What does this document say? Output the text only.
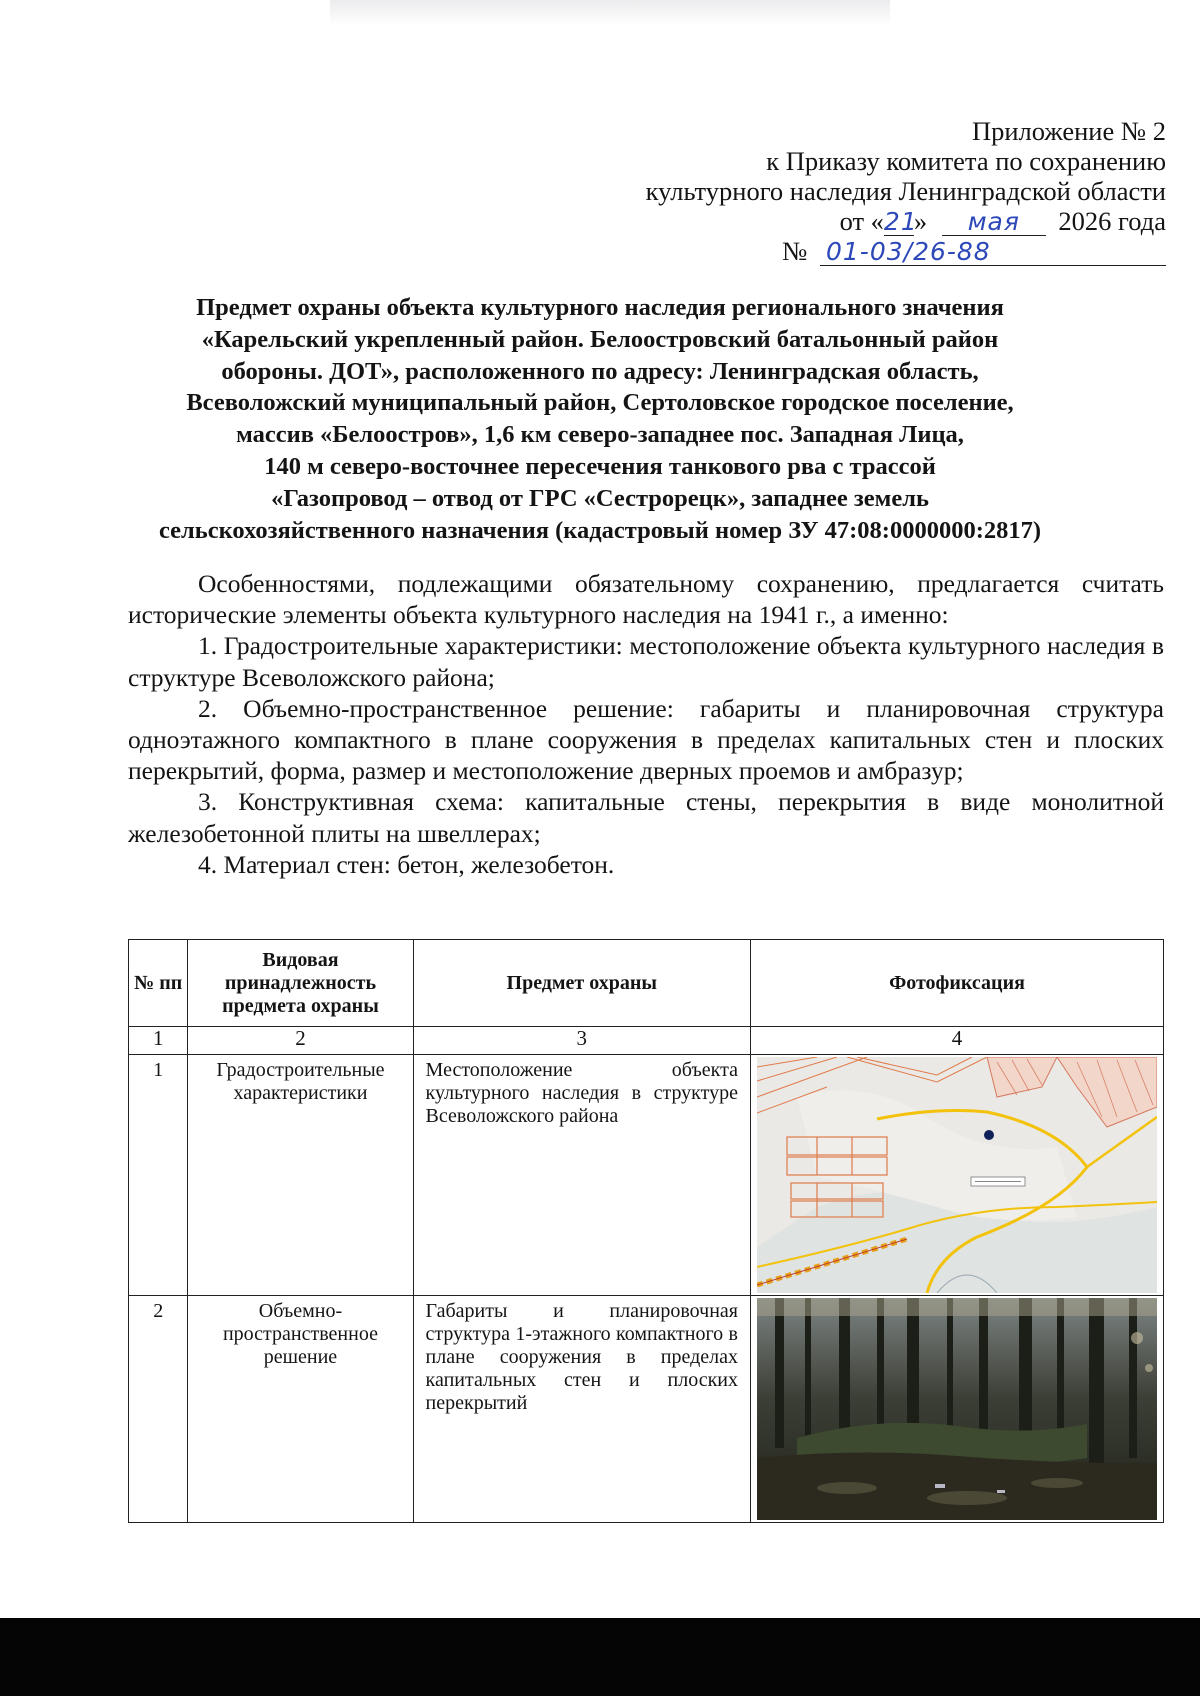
Приложение № 2
к Приказу комитета по сохранению
культурного наследия Ленинградской области
от «21» мая 2026 года
№ 01-03/26-88
Предмет охраны объекта культурного наследия регионального значения
«Карельский укрепленный район. Белоостровский батальонный район
обороны. ДОТ», расположенного по адресу: Ленинградская область,
Всеволожский муниципальный район, Сертоловское городское поселение,
массив «Белоостров», 1,6 км северо-западнее пос. Западная Лица,
140 м северо-восточнее пересечения танкового рва с трассой
«Газопровод – отвод от ГРС «Сестрорецк», западнее земель
сельскохозяйственного назначения (кадастровый номер ЗУ 47:08:0000000:2817)

Особенностями, подлежащими обязательному сохранению, предлагается считать исторические элементы объекта культурного наследия на 1941 г., а именно:

1. Градостроительные характеристики: местоположение объекта культурного наследия в структуре Всеволожского района;

2. Объемно-пространственное решение: габариты и планировочная структура одноэтажного компактного в плане сооружения в пределах капитальных стен и плоских перекрытий, форма, размер и местоположение дверных проемов и амбразур;

3. Конструктивная схема: капитальные стены, перекрытия в виде монолитной железобетонной плиты на швеллерах;

4. Материал стен: бетон, железобетон.

№ пп	Видовая принадлежность предмета охраны	Предмет охраны	Фотофиксация
1	2	3	4
1	Градостроительные характеристики	Местоположение объекта культурного наследия в структуре Всеволожского района	

2	Объемно-пространственное решение	Габариты и планировочная структура 1-этажного компактного в плане сооружения в пределах капитальных стен и плоских перекрытий	
